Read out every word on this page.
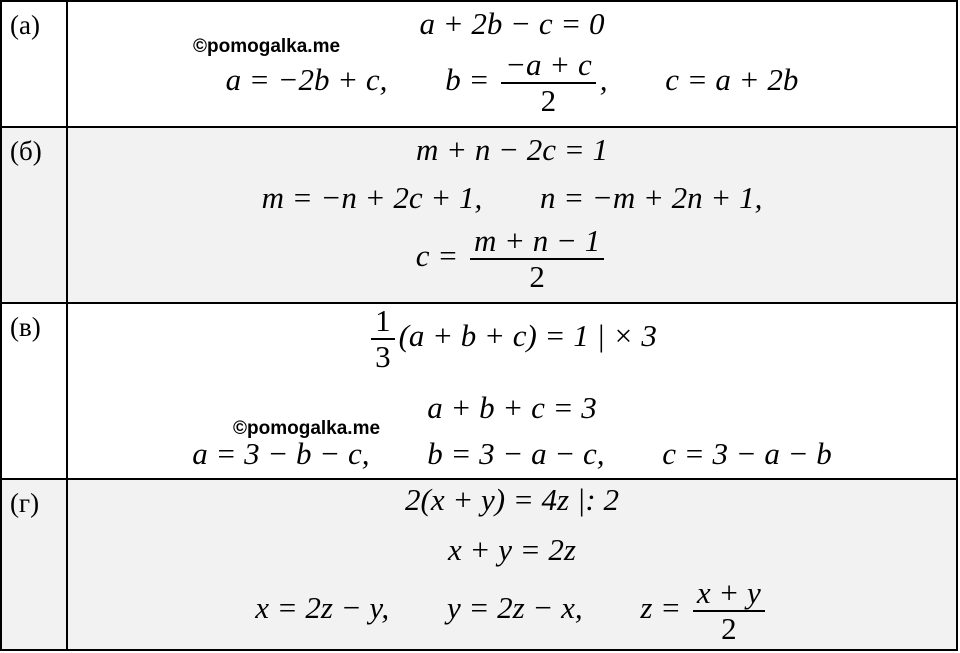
(а)	a + 2b − c = 0
a = −2b + c, $b = \frac{-a + c}{2}$ , c = a + 2b
©pomogalka.me
(б)	m + n − 2c = 1
m = −n + 2c + 1, n = −m + 2n + 1,
$c = \frac{m + n - 1}{2}$
(в)	$\frac{1}{3} (a + b + c) = 1$ | × 3
a + b + c = 3
a = 3 − b − c, b = 3 − a − c, c = 3 − a − b
©pomogalka.me
(г)	2(x + y) = 4z |: 2
x + y = 2z
x = 2z − y, y = 2z − x, $z = \frac{x + y}{2}$
